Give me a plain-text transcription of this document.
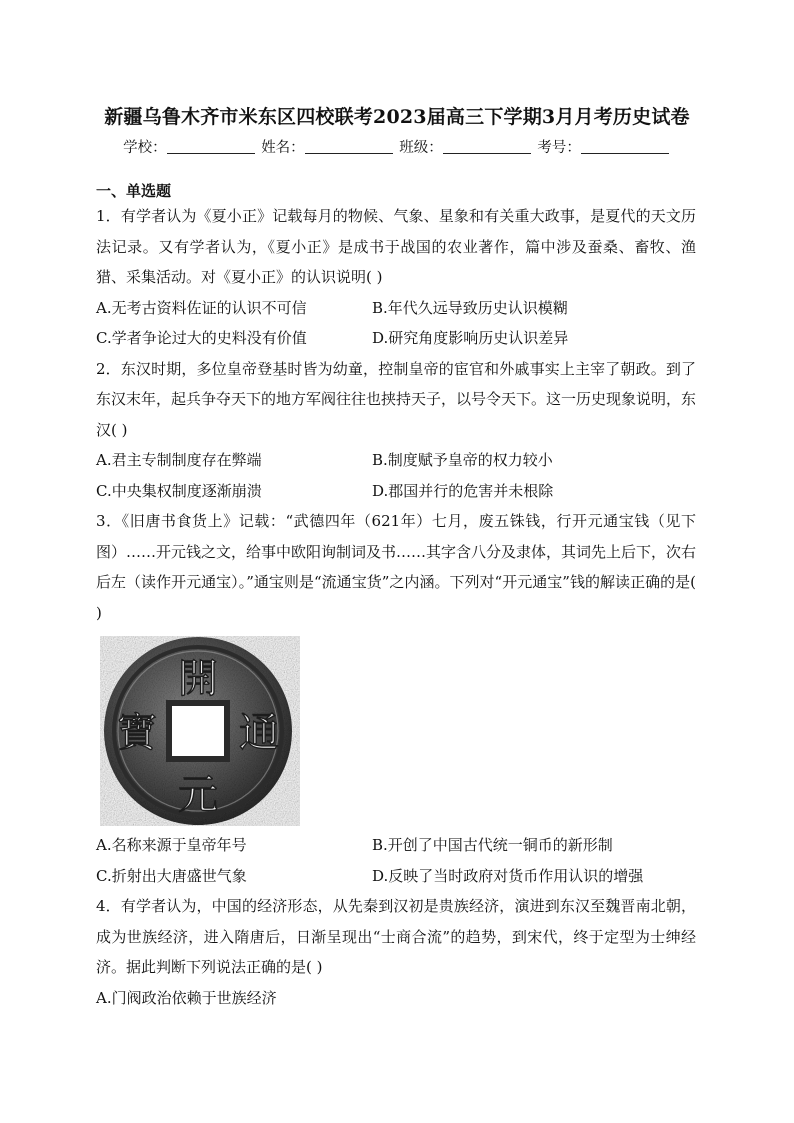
新疆乌鲁木齐市米东区四校联考2023届高三下学期3月月考历史试卷
学校：	姓名：	班级：	考号：
一、单选题

1．有学者认为《夏小正》记载每月的物候、气象、星象和有关重大政事，是夏代的天文历法记录。又有学者认为，《夏小正》是成书于战国的农业著作，篇中涉及蚕桑、畜牧、渔猎、采集活动。对《夏小正》的认识说明( )

A.无考古资料佐证的认识不可信	B.年代久远导致历史认识模糊
C.学者争论过大的史料没有价值	D.研究角度影响历史认识差异

2．东汉时期，多位皇帝登基时皆为幼童，控制皇帝的宦官和外戚事实上主宰了朝政。到了东汉末年，起兵争夺天下的地方军阀往往也挟持天子，以号令天下。这一历史现象说明，东汉( )

A.君主专制制度存在弊端	B.制度赋予皇帝的权力较小
C.中央集权制度逐渐崩溃	D.郡国并行的危害并未根除

3．《旧唐书食货上》记载：“武德四年（621年）七月，废五铢钱，行开元通宝钱（见下图）……开元钱之文，给事中欧阳询制词及书……其字含八分及隶体，其词先上后下，次右后左（读作开元通宝）。”通宝则是“流通宝货”之内涵。下列对“开元通宝”钱的解读正确的是( )

開
通
元
寶
A.名称来源于皇帝年号	B.开创了中国古代统一铜币的新形制
C.折射出大唐盛世气象	D.反映了当时政府对货币作用认识的增强

4．有学者认为，中国的经济形态，从先秦到汉初是贵族经济，演进到东汉至魏晋南北朝，成为世族经济，进入隋唐后，日渐呈现出“士商合流”的趋势，到宋代，终于定型为士绅经济。据此判断下列说法正确的是( )

A.门阀政治依赖于世族经济
